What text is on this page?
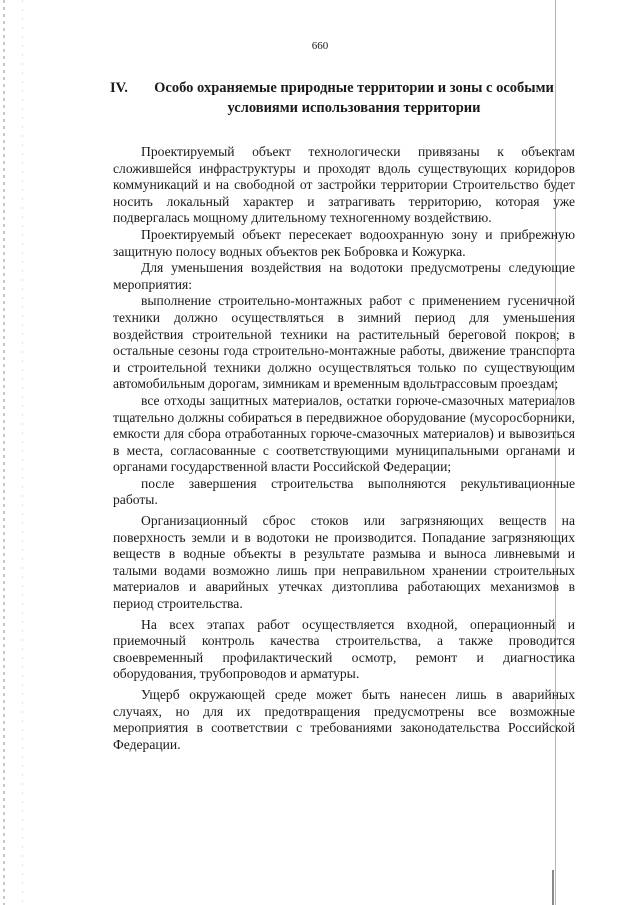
660
IV.	Особо охраняемые природные территории и зоны с особыми условиями использования территории

Проектируемый объект технологически привязаны к объектам сложившейся инфраструктуры и проходят вдоль существующих коридоров коммуникаций и на свободной от застройки территории Строительство будет носить локальный характер и затрагивать территорию, которая уже подвергалась мощному длительному техногенному воздействию.

Проектируемый объект пересекает водоохранную зону и прибрежную защитную полосу водных объектов рек Бобровка и Кожурка.

Для уменьшения воздействия на водотоки предусмотрены следующие мероприятия:

выполнение строительно-монтажных работ с применением гусеничной техники должно осуществляться в зимний период для уменьшения воздействия строительной техники на растительный береговой покров; в остальные сезоны года строительно-монтажные работы, движение транспорта и строительной техники должно осуществляться только по существующим автомобильным дорогам, зимникам и временным вдольтрассовым проездам;

все отходы защитных материалов, остатки горюче-смазочных материалов тщательно должны собираться в передвижное оборудование (мусоросборники, емкости для сбора отработанных горюче-смазочных материалов) и вывозиться в места, согласованные с соответствующими муниципальными органами и органами государственной власти Российской Федерации;

после завершения строительства выполняются рекультивационные работы.

Организационный сброс стоков или загрязняющих веществ на поверхность земли и в водотоки не производится. Попадание загрязняющих веществ в водные объекты в результате размыва и выноса ливневыми и талыми водами возможно лишь при неправильном хранении строительных материалов и аварийных утечках дизтоплива работающих механизмов в период строительства.

На всех этапах работ осуществляется входной, операционный и приемочный контроль качества строительства, а также проводится своевременный профилактический осмотр, ремонт и диагностика оборудования, трубопроводов и арматуры.

Ущерб окружающей среде может быть нанесен лишь в аварийных случаях, но для их предотвращения предусмотрены все возможные мероприятия в соответствии с требованиями законодательства Российской Федерации.
